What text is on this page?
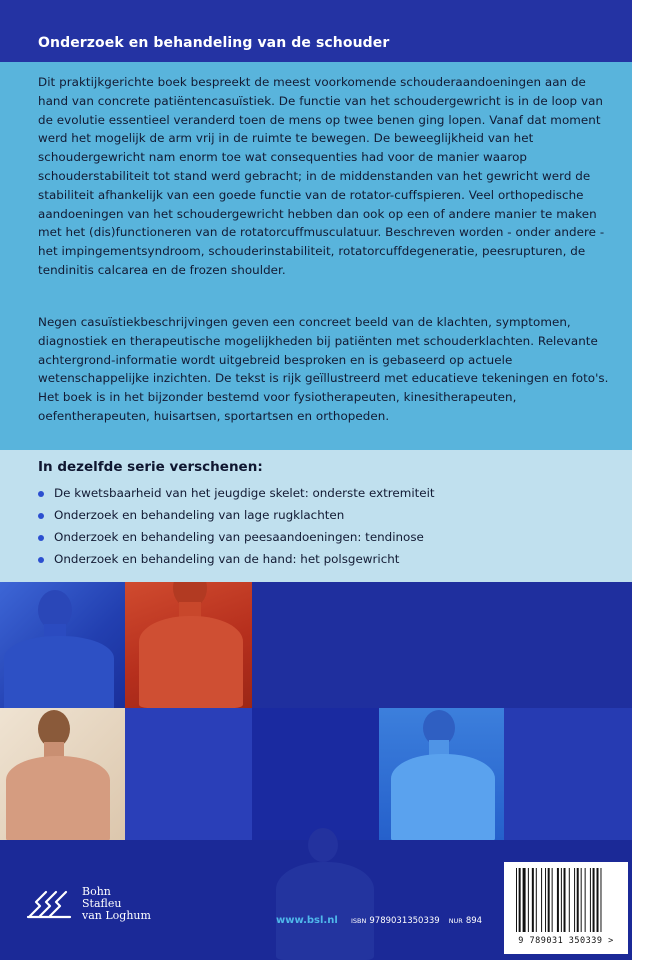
Onderzoek en behandeling van de schouder

Dit praktijkgerichte boek bespreekt de meest voorkomende schouderaandoeningen aan de hand van concrete patiëntencasuïstiek. De functie van het schoudergewricht is in de loop van de evolutie essentieel veranderd toen de mens op twee benen ging lopen. Vanaf dat moment werd het mogelijk de arm vrij in de ruimte te bewegen. De beweeglijkheid van het schoudergewricht nam enorm toe wat consequenties had voor de manier waarop schouderstabiliteit tot stand werd gebracht; in de middenstanden van het gewricht werd de stabiliteit afhankelijk van een goede functie van de rotator-cuffspieren. Veel orthopedische aandoeningen van het schoudergewricht hebben dan ook op een of andere manier te maken met het (dis)functioneren van de rotatorcuffmusculatuur. Beschreven worden - onder andere - het impingementsyndroom, schouderinstabiliteit, rotatorcuffdegeneratie, peesrupturen, de tendinitis calcarea en de frozen shoulder.

Negen casuïstiekbeschrijvingen geven een concreet beeld van de klachten, symptomen, diagnostiek en therapeutische mogelijkheden bij patiënten met schouderklachten. Relevante achtergrond-informatie wordt uitgebreid besproken en is gebaseerd op actuele wetenschappelijke inzichten. De tekst is rijk geïllustreerd met educatieve tekeningen en foto's. Het boek is in het bijzonder bestemd voor fysiotherapeuten, kinesitherapeuten, oefentherapeuten, huisartsen, sportartsen en orthopeden.

In dezelfde serie verschenen:
De kwetsbaarheid van het jeugdige skelet: onderste extremiteit
Onderzoek en behandeling van lage rugklachten
Onderzoek en behandeling van peesaandoeningen: tendinose
Onderzoek en behandeling van de hand: het polsgewricht

Bohn
Stafleu
van Loghum	www.bsl.nl ISBN 9789031350339 NUR 894

9 789031 350339 >
